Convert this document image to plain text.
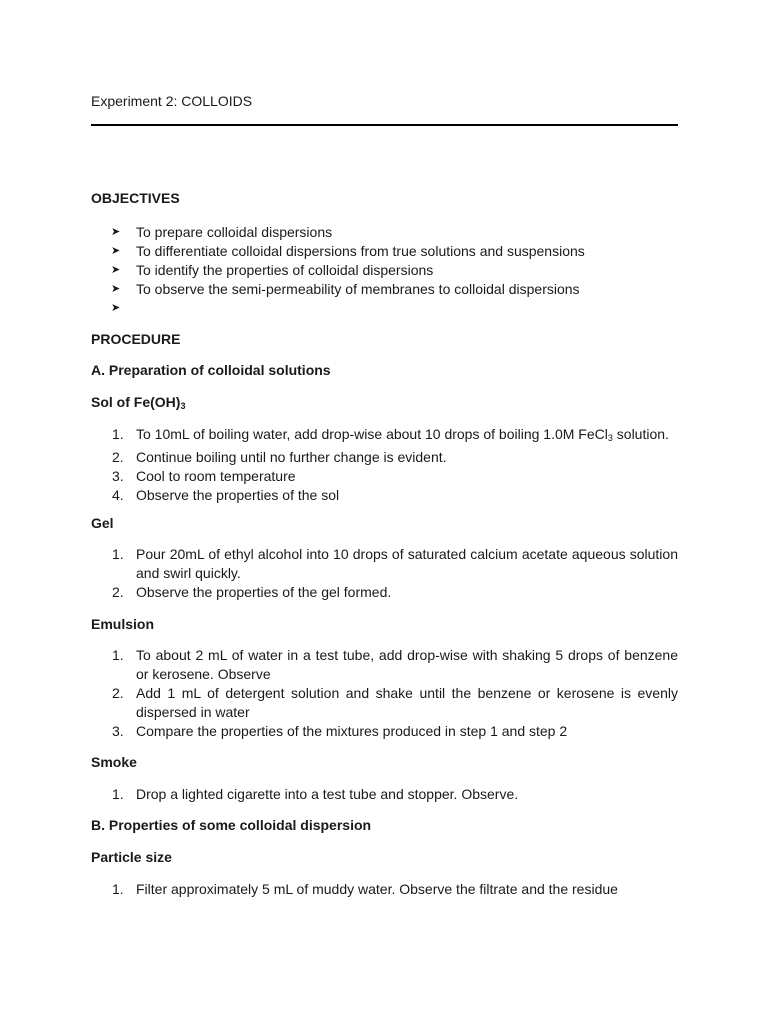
Experiment 2: COLLOIDS
OBJECTIVES
➤ To prepare colloidal dispersions
➤ To differentiate colloidal dispersions from true solutions and suspensions
➤ To identify the properties of colloidal dispersions
➤ To observe the semi-permeability of membranes to colloidal dispersions
➤
PROCEDURE
A. Preparation of colloidal solutions
Sol of $Fe(OH)_3$
1. To 10mL of boiling water, add drop-wise about 10 drops of boiling 1.0M FeCl$_3$ solution.
2. Continue boiling until no further change is evident.
3. Cool to room temperature
4. Observe the properties of the sol
Gel
1. Pour 20mL of ethyl alcohol into 10 drops of saturated calcium acetate aqueous solution and swirl quickly.
2. Observe the properties of the gel formed.
Emulsion
1. To about 2 mL of water in a test tube, add drop-wise with shaking 5 drops of benzene or kerosene. Observe
2. Add 1 mL of detergent solution and shake until the benzene or kerosene is evenly dispersed in water
3. Compare the properties of the mixtures produced in step 1 and step 2
Smoke
1. Drop a lighted cigarette into a test tube and stopper. Observe.
B. Properties of some colloidal dispersion
Particle size
1. Filter approximately 5 mL of muddy water. Observe the filtrate and the residue
